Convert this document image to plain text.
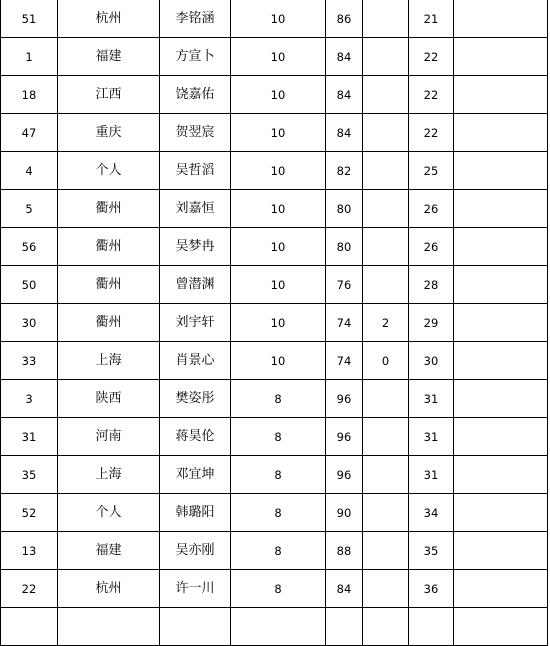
51	杭州	李铭涵	10	86		21	
1	福建	方宣卜	10	84		22	
18	江西	饶嘉佑	10	84		22	
47	重庆	贺翌宸	10	84		22	
4	个人	吴哲滔	10	82		25	
5	衢州	刘嘉恒	10	80		26	
56	衢州	吴梦冉	10	80		26	
50	衢州	曾潜渊	10	76		28	
30	衢州	刘宇轩	10	74	2	29	
33	上海	肖景心	10	74	0	30	
3	陕西	樊姿彤	8	96		31	
31	河南	蒋昊伦	8	96		31	
35	上海	邓宜坤	8	96		31	
52	个人	韩璐阳	8	90		34	
13	福建	吴亦刚	8	88		35	
22	杭州	许一川	8	84		36	
